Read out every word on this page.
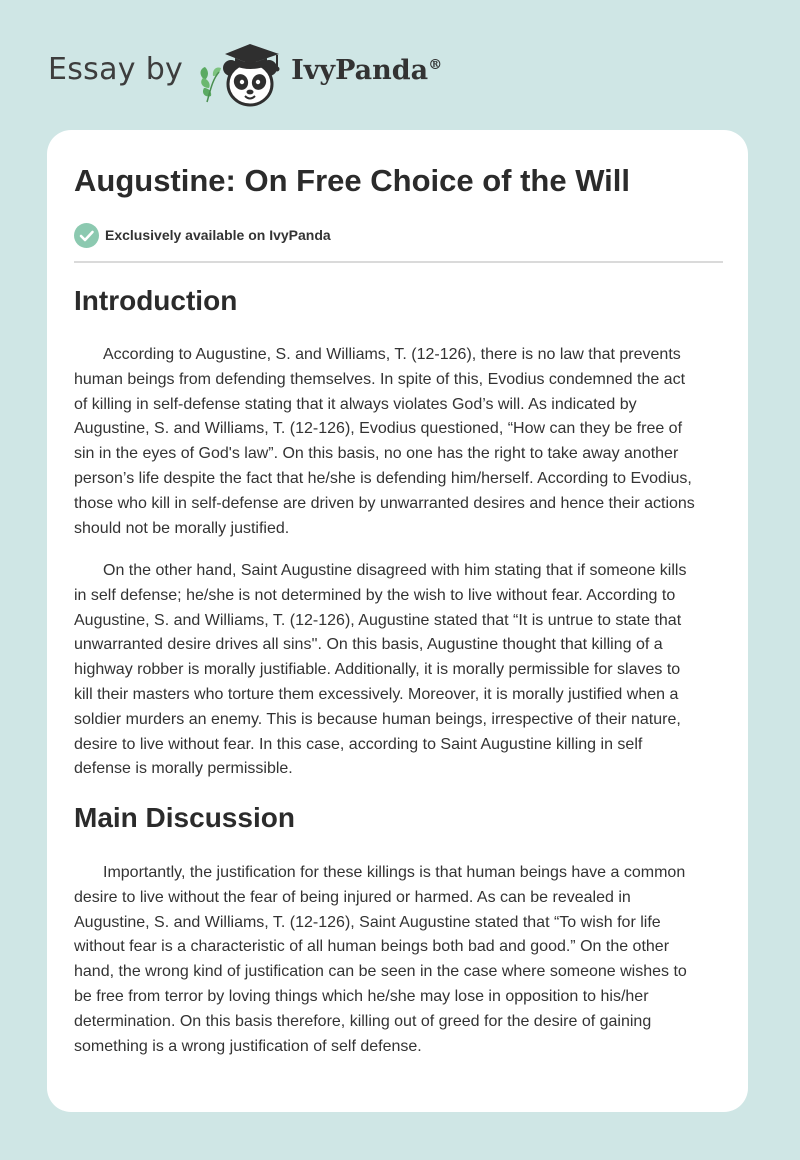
Essay by	IvyPanda®
Augustine: On Free Choice of the Will
Exclusively available on IvyPanda
Introduction

According to Augustine, S. and Williams, T. (12-126), there is no law that prevents
human beings from defending themselves. In spite of this, Evodius condemned the act
of killing in self-defense stating that it always violates God’s will. As indicated by
Augustine, S. and Williams, T. (12-126), Evodius questioned, “How can they be free of
sin in the eyes of God's law”. On this basis, no one has the right to take away another
person’s life despite the fact that he/she is defending him/herself. According to Evodius,
those who kill in self-defense are driven by unwarranted desires and hence their actions
should not be morally justified.

On the other hand, Saint Augustine disagreed with him stating that if someone kills
in self defense; he/she is not determined by the wish to live without fear. According to
Augustine, S. and Williams, T. (12-126), Augustine stated that “It is untrue to state that
unwarranted desire drives all sins''. On this basis, Augustine thought that killing of a
highway robber is morally justifiable. Additionally, it is morally permissible for slaves to
kill their masters who torture them excessively. Moreover, it is morally justified when a
soldier murders an enemy. This is because human beings, irrespective of their nature,
desire to live without fear. In this case, according to Saint Augustine killing in self
defense is morally permissible.

Main Discussion

Importantly, the justification for these killings is that human beings have a common
desire to live without the fear of being injured or harmed. As can be revealed in
Augustine, S. and Williams, T. (12-126), Saint Augustine stated that “To wish for life
without fear is a characteristic of all human beings both bad and good.” On the other
hand, the wrong kind of justification can be seen in the case where someone wishes to
be free from terror by loving things which he/she may lose in opposition to his/her
determination. On this basis therefore, killing out of greed for the desire of gaining
something is a wrong justification of self defense.
